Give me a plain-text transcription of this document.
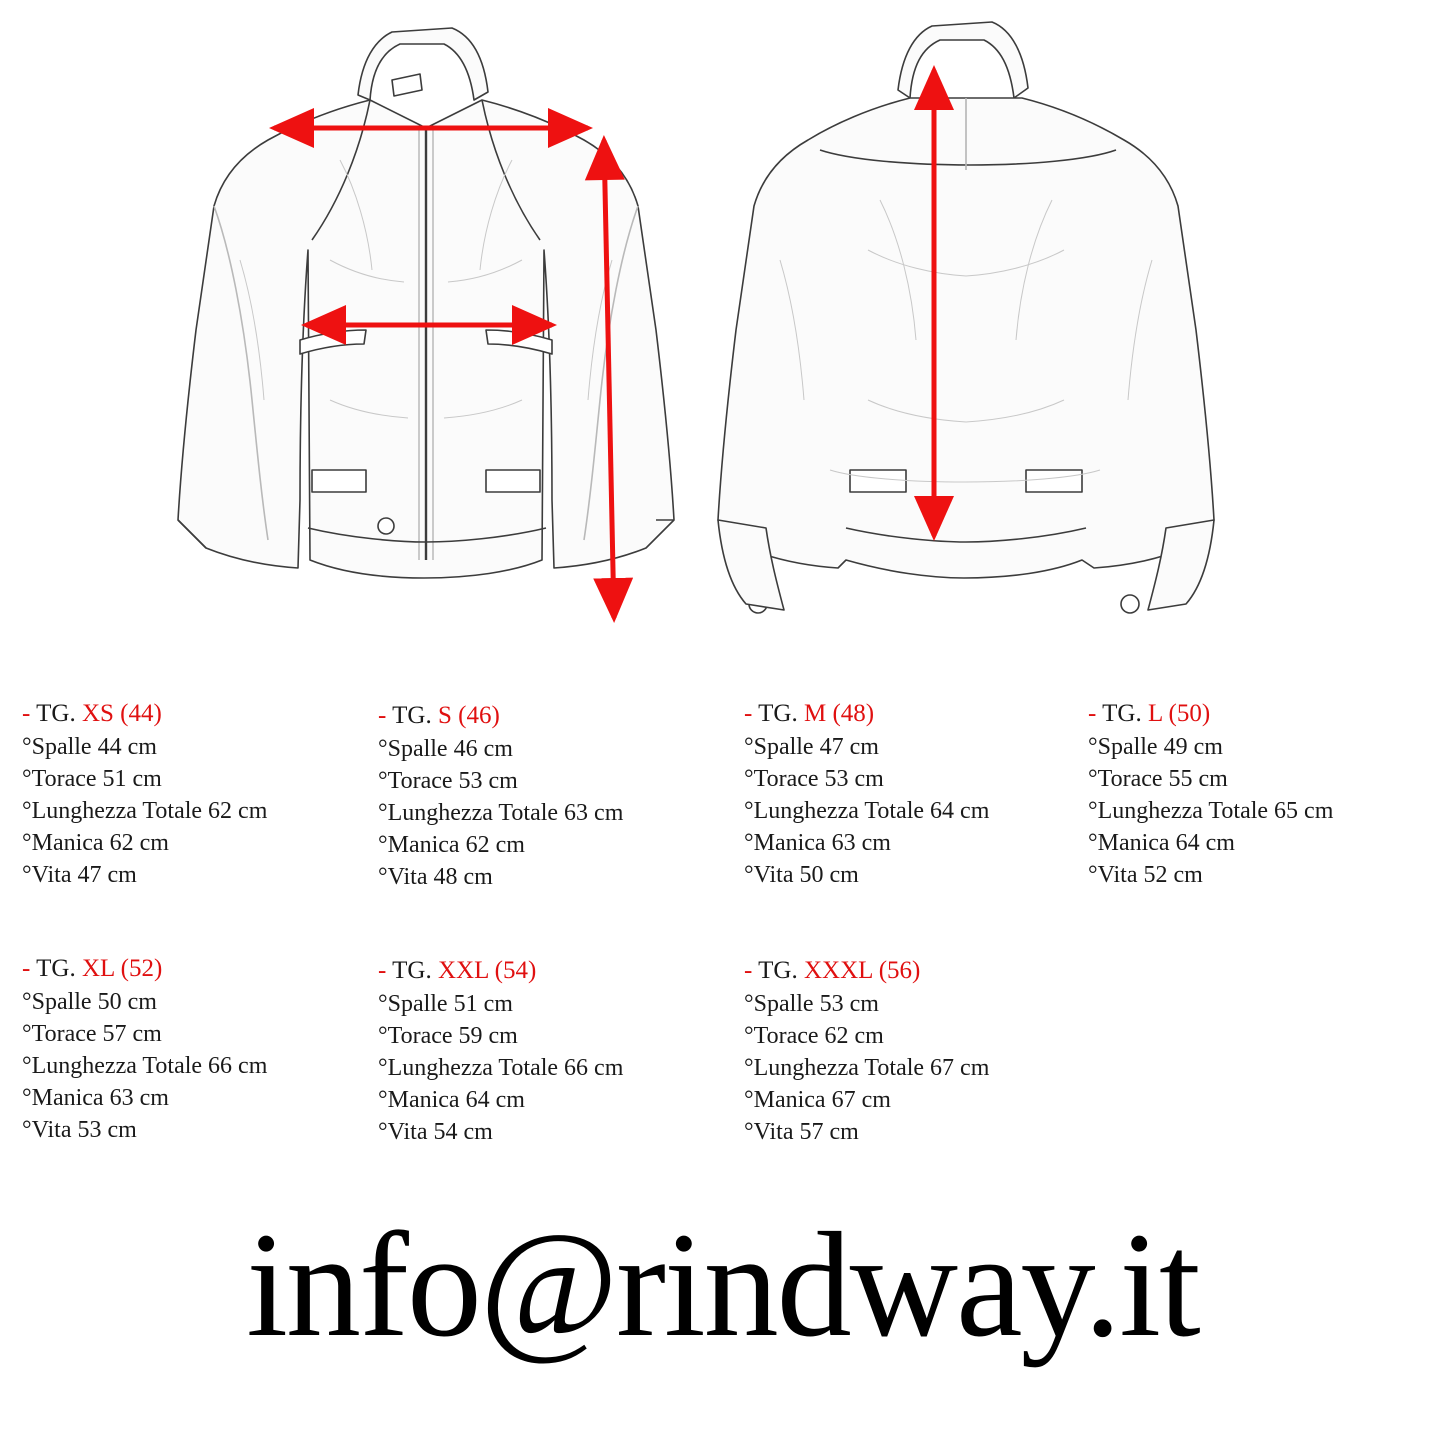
- TG. XS (44)
°Spalle 44 cm
°Torace 51 cm
°Lunghezza Totale 62 cm
°Manica 62 cm
°Vita 47 cm
- TG. S (46)
°Spalle 46 cm
°Torace 53 cm
°Lunghezza Totale 63 cm
°Manica 62 cm
°Vita 48 cm
- TG. M (48)
°Spalle 47 cm
°Torace 53 cm
°Lunghezza Totale 64 cm
°Manica 63 cm
°Vita 50 cm
- TG. L (50)
°Spalle 49 cm
°Torace 55 cm
°Lunghezza Totale 65 cm
°Manica 64 cm
°Vita 52 cm
- TG. XL (52)
°Spalle 50 cm
°Torace 57 cm
°Lunghezza Totale 66 cm
°Manica 63 cm
°Vita 53 cm
- TG. XXL (54)
°Spalle 51 cm
°Torace 59 cm
°Lunghezza Totale 66 cm
°Manica 64 cm
°Vita 54 cm
- TG. XXXL (56)
°Spalle 53 cm
°Torace 62 cm
°Lunghezza Totale 67 cm
°Manica 67 cm
°Vita 57 cm
info@rindway.it
